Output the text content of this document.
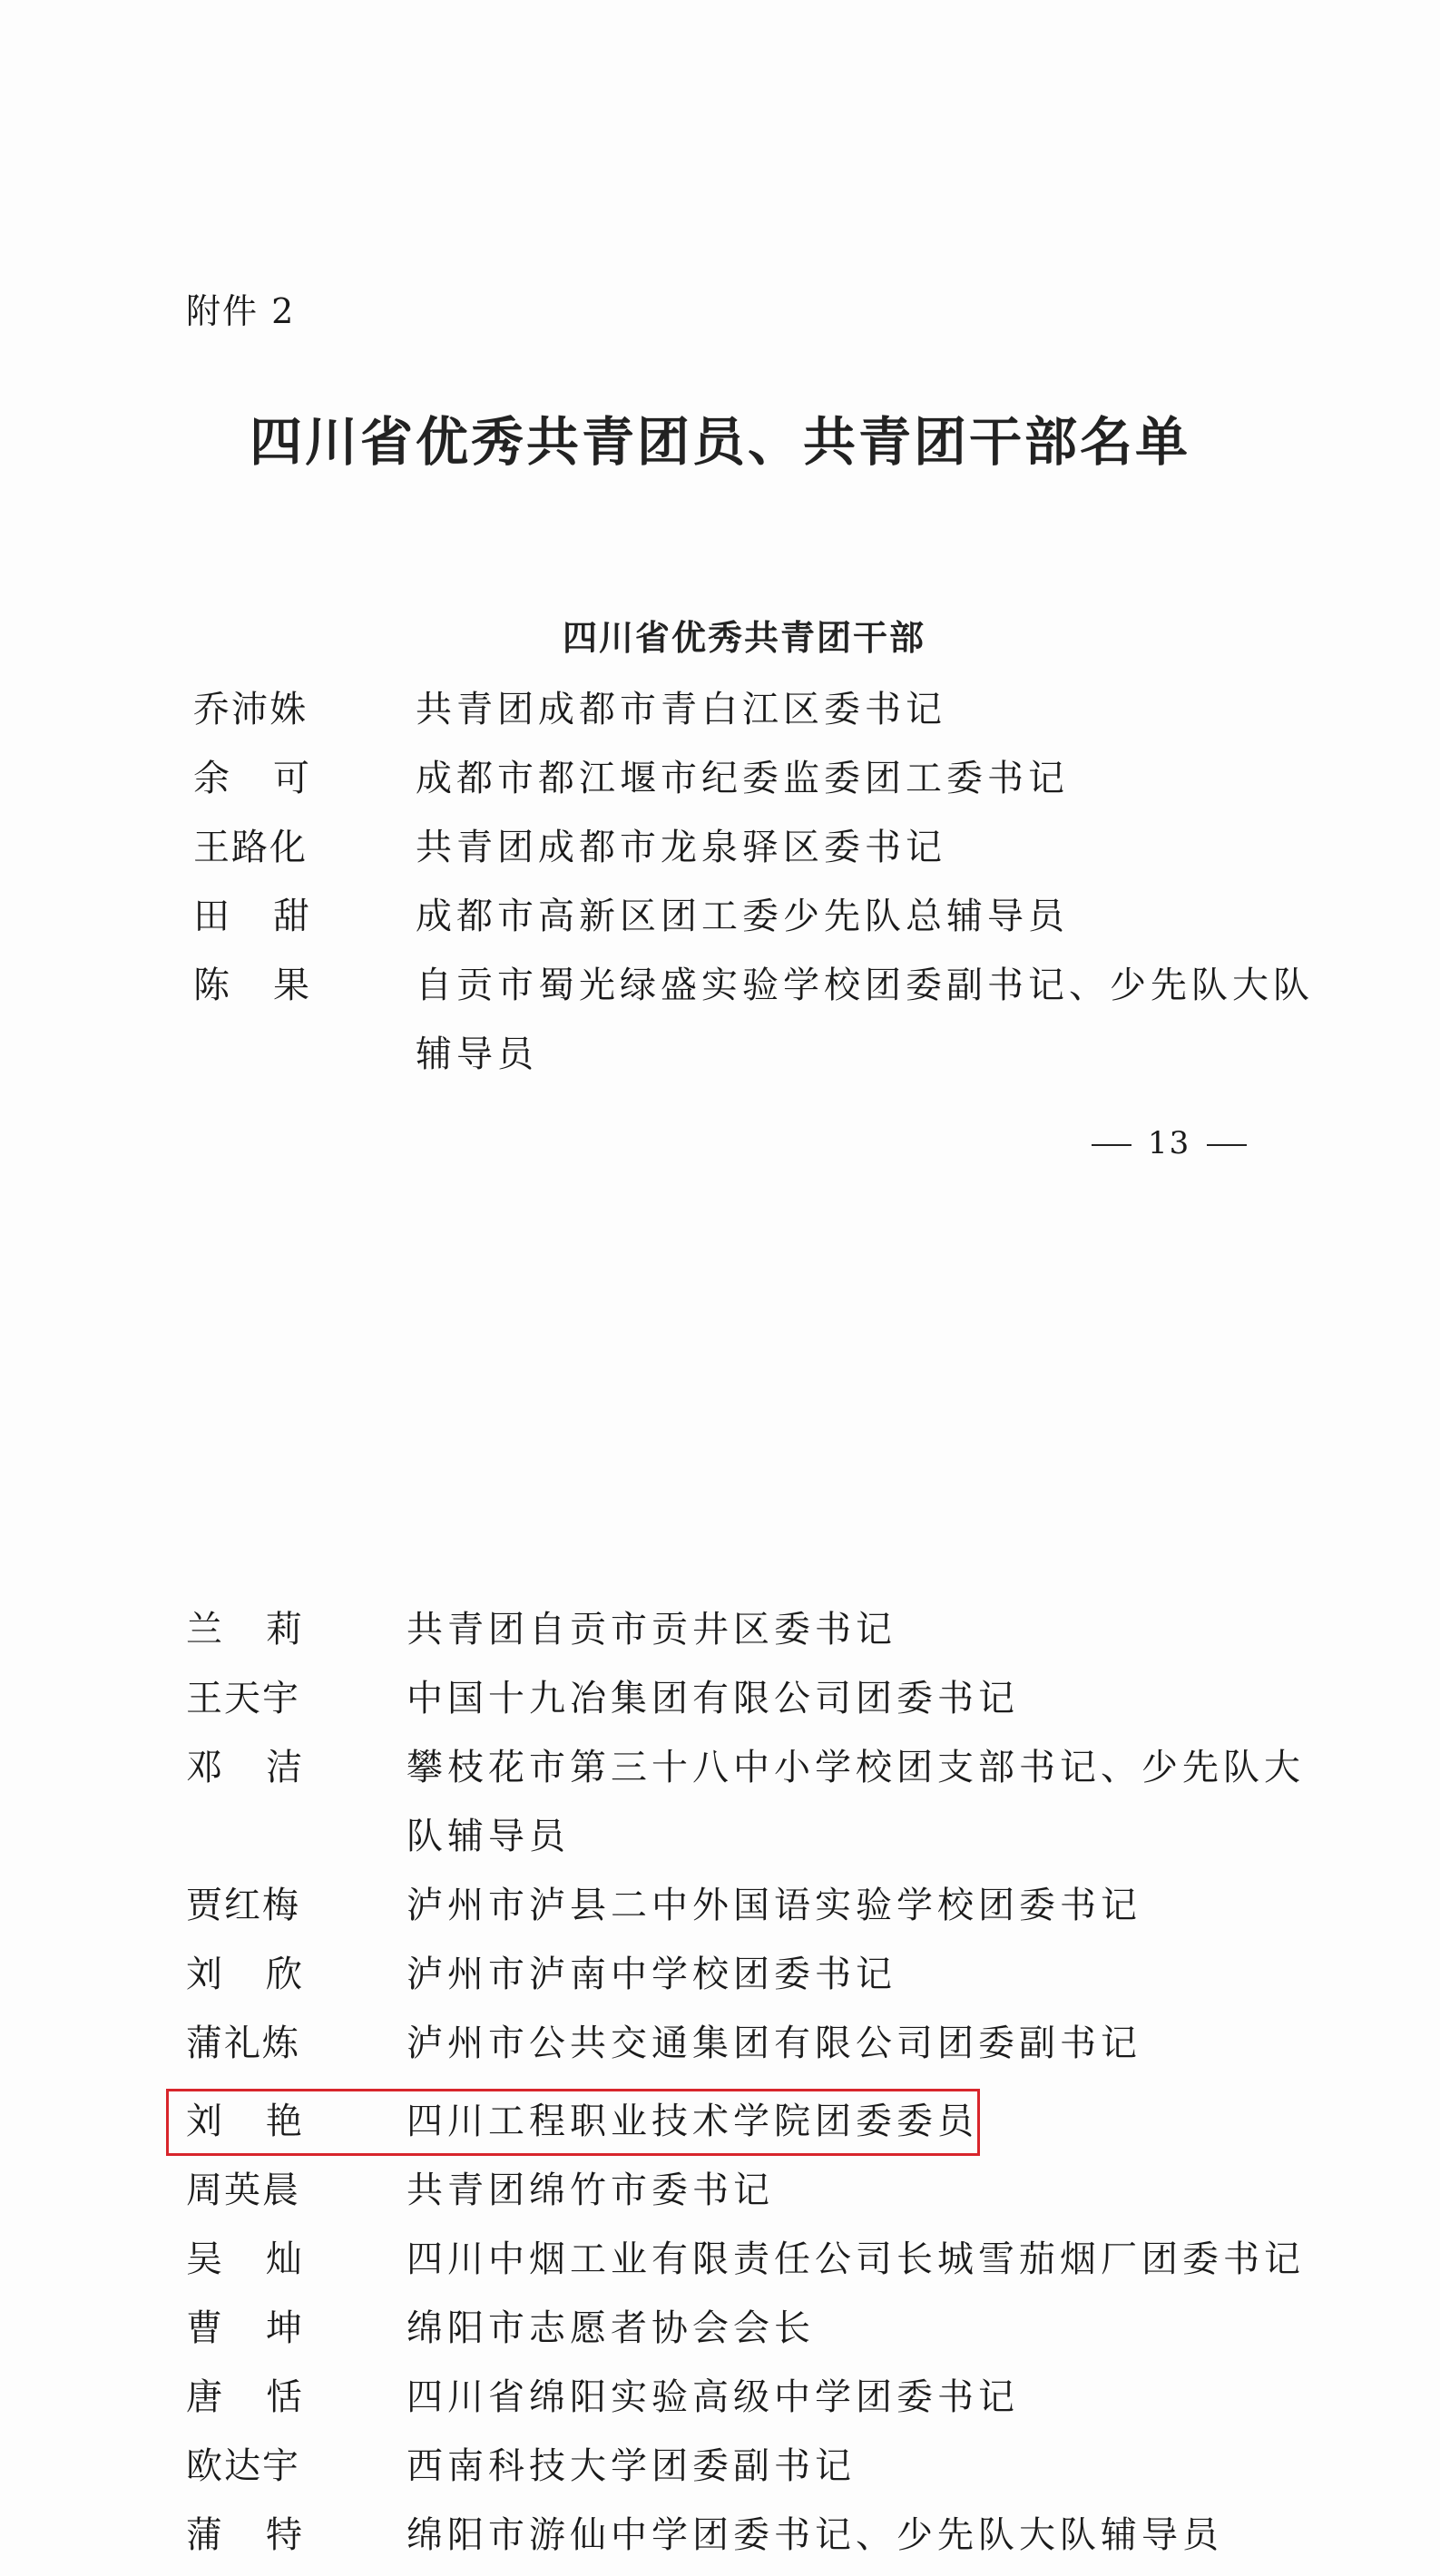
附件 2
四川省优秀共青团员、共青团干部名单
四川省优秀共青团干部
乔沛姝	共青团成都市青白江区委书记
余可 成都市都江堰市纪委监委团工委书记
王路化	共青团成都市龙泉驿区委书记
田甜 成都市高新区团工委少先队总辅导员
陈果 自贡市蜀光绿盛实验学校团委副书记、少先队大队辅导员
13
兰莉 共青团自贡市贡井区委书记
王天宇	中国十九冶集团有限公司团委书记
邓洁 攀枝花市第三十八中小学校团支部书记、少先队大队辅导员
贾红梅	泸州市泸县二中外国语实验学校团委书记
刘欣 泸州市泸南中学校团委书记
蒲礼炼	泸州市公共交通集团有限公司团委副书记
刘艳 四川工程职业技术学院团委委员
周英晨	共青团绵竹市委书记
吴灿 四川中烟工业有限责任公司长城雪茄烟厂团委书记
曹坤 绵阳市志愿者协会会长
唐恬 四川省绵阳实验高级中学团委书记
欧达宇	西南科技大学团委副书记
蒲特 绵阳市游仙中学团委书记、少先队大队辅导员
